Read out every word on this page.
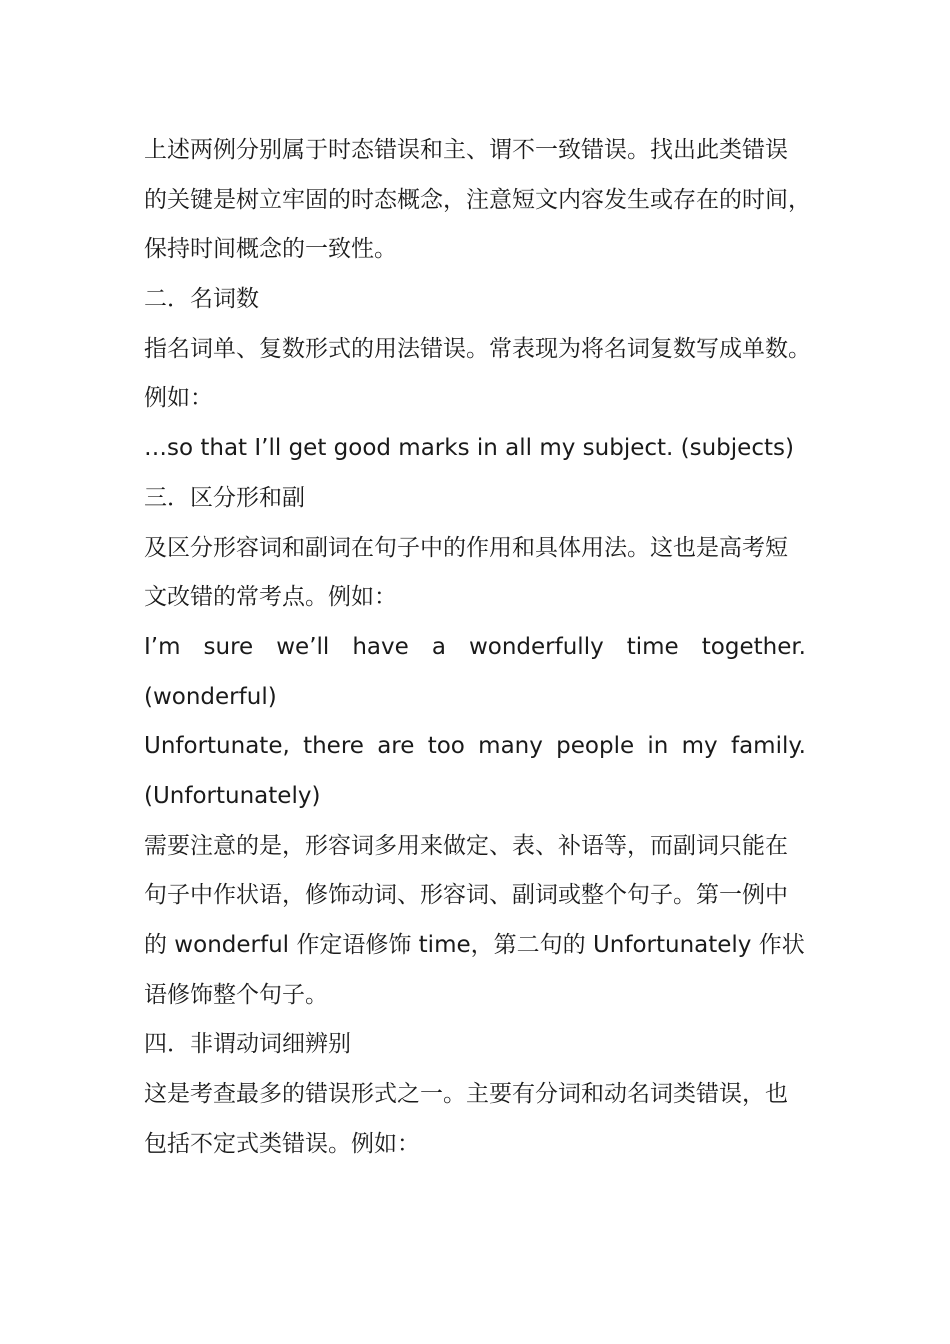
上述两例分别属于时态错误和主、谓不一致错误。找出此类错误
的关键是树立牢固的时态概念，注意短文内容发生或存在的时间，
保持时间概念的一致性。
二．名词数
指名词单、复数形式的用法错误。常表现为将名词复数写成单数。
例如：
…so that I’ll get good marks in all my subject. (subjects)
三．区分形和副
及区分形容词和副词在句子中的作用和具体用法。这也是高考短
文改错的常考点。例如：
I’m sure we’ll have a wonderfully time together.
(wonderful)
Unfortunate, there are too many people in my family.
(Unfortunately)
需要注意的是，形容词多用来做定、表、补语等，而副词只能在
句子中作状语，修饰动词、形容词、副词或整个句子。第一例中
的 wonderful 作定语修饰 time，第二句的 Unfortunately 作状
语修饰整个句子。
四．非谓动词细辨别
这是考查最多的错误形式之一。主要有分词和动名词类错误，也
包括不定式类错误。例如：
